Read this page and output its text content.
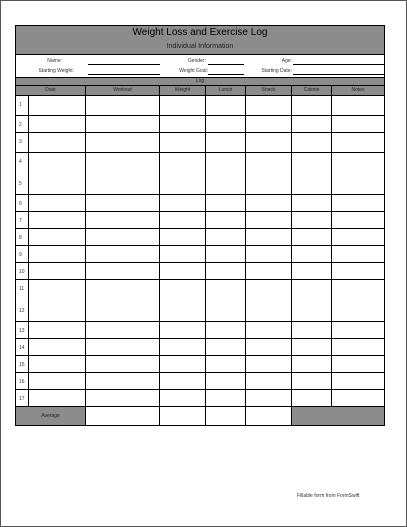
Weight Loss and Exercise Log
Individual Information
Name:	Gender:	Age:
Starting Weight:	Weight Goal:	Starting Date:
Log
Date	Workout	Weight	Lunch	Snack	Calorie	Notes
1
2
3
4
5
6
7
8
9
10
11
12
13
14
15
16
17
Average
Fillable form from FormSwift
